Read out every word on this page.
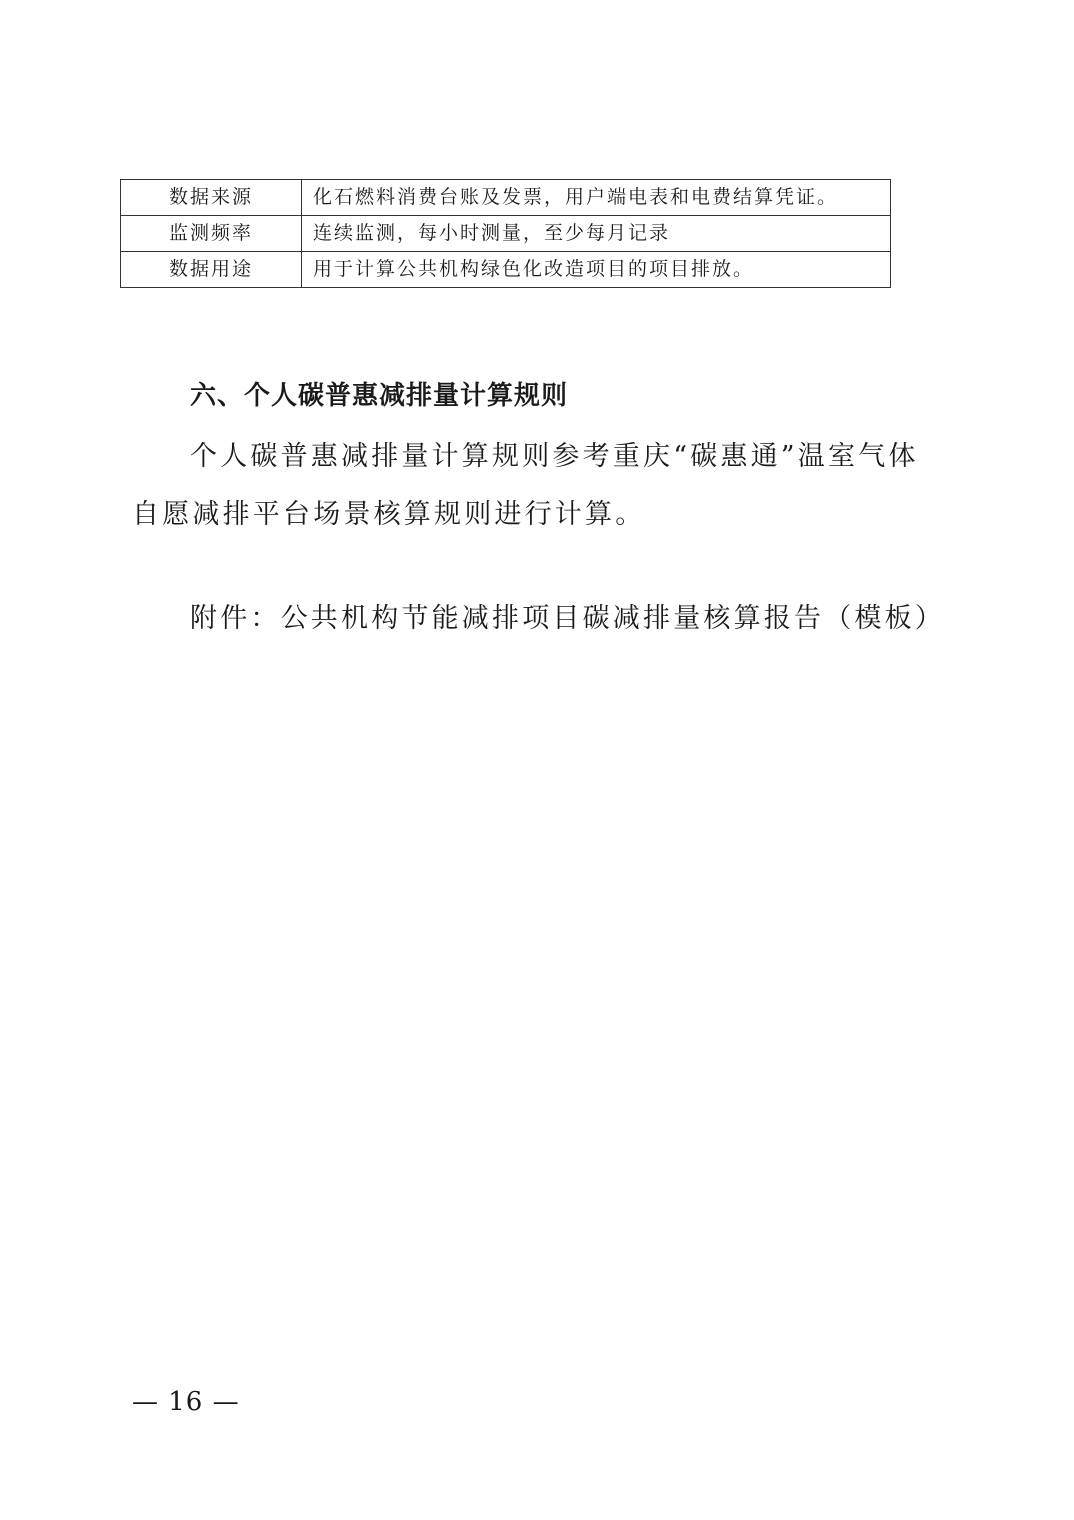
数据来源	化石燃料消费台账及发票，用户端电表和电费结算凭证。
监测频率	连续监测，每小时测量，至少每月记录
数据用途	用于计算公共机构绿色化改造项目的项目排放。
六、个人碳普惠减排量计算规则

个人碳普惠减排量计算规则参考重庆“碳惠通”温室气体自愿减排平台场景核算规则进行计算。

附件：公共机构节能减排项目碳减排量核算报告（模板）

— 16 —
